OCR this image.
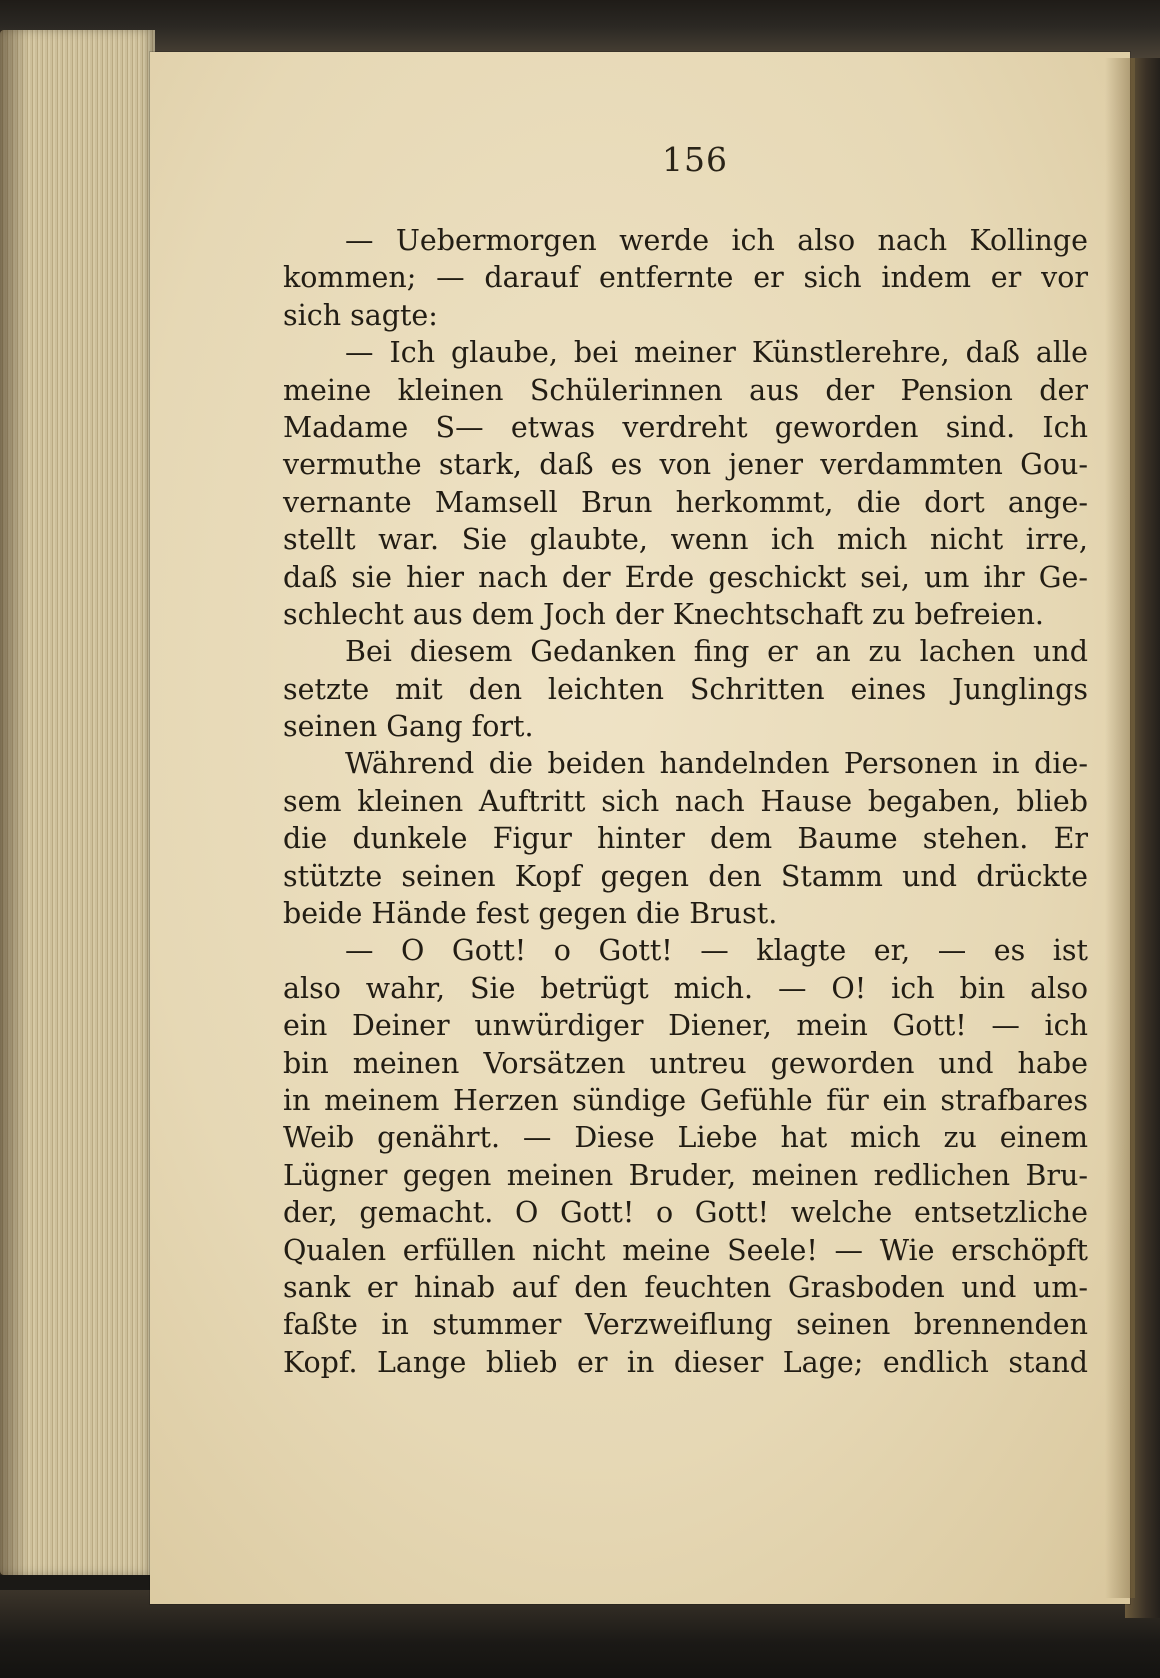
156
— Uebermorgen werde ich also nach Kollinge
kommen; — darauf entfernte er sich indem er vor
sich sagte:
— Ich glaube, bei meiner Künstlerehre, daß alle
meine kleinen Schülerinnen aus der Pension der
Madame S— etwas verdreht geworden sind. Ich
vermuthe stark, daß es von jener verdammten Gou-
vernante Mamsell Brun herkommt, die dort ange-
stellt war. Sie glaubte, wenn ich mich nicht irre,
daß sie hier nach der Erde geschickt sei, um ihr Ge-
schlecht aus dem Joch der Knechtschaft zu befreien.
Bei diesem Gedanken fing er an zu lachen und
setzte mit den leichten Schritten eines Junglings
seinen Gang fort.
Während die beiden handelnden Personen in die-
sem kleinen Auftritt sich nach Hause begaben, blieb
die dunkele Figur hinter dem Baume stehen. Er
stützte seinen Kopf gegen den Stamm und drückte
beide Hände fest gegen die Brust.
— O Gott! o Gott! — klagte er, — es ist
also wahr, Sie betrügt mich. — O! ich bin also
ein Deiner unwürdiger Diener, mein Gott! — ich
bin meinen Vorsätzen untreu geworden und habe
in meinem Herzen sündige Gefühle für ein strafbares
Weib genährt. — Diese Liebe hat mich zu einem
Lügner gegen meinen Bruder, meinen redlichen Bru-
der, gemacht. O Gott! o Gott! welche entsetzliche
Qualen erfüllen nicht meine Seele! — Wie erschöpft
sank er hinab auf den feuchten Grasboden und um-
faßte in stummer Verzweiflung seinen brennenden
Kopf. Lange blieb er in dieser Lage; endlich stand
